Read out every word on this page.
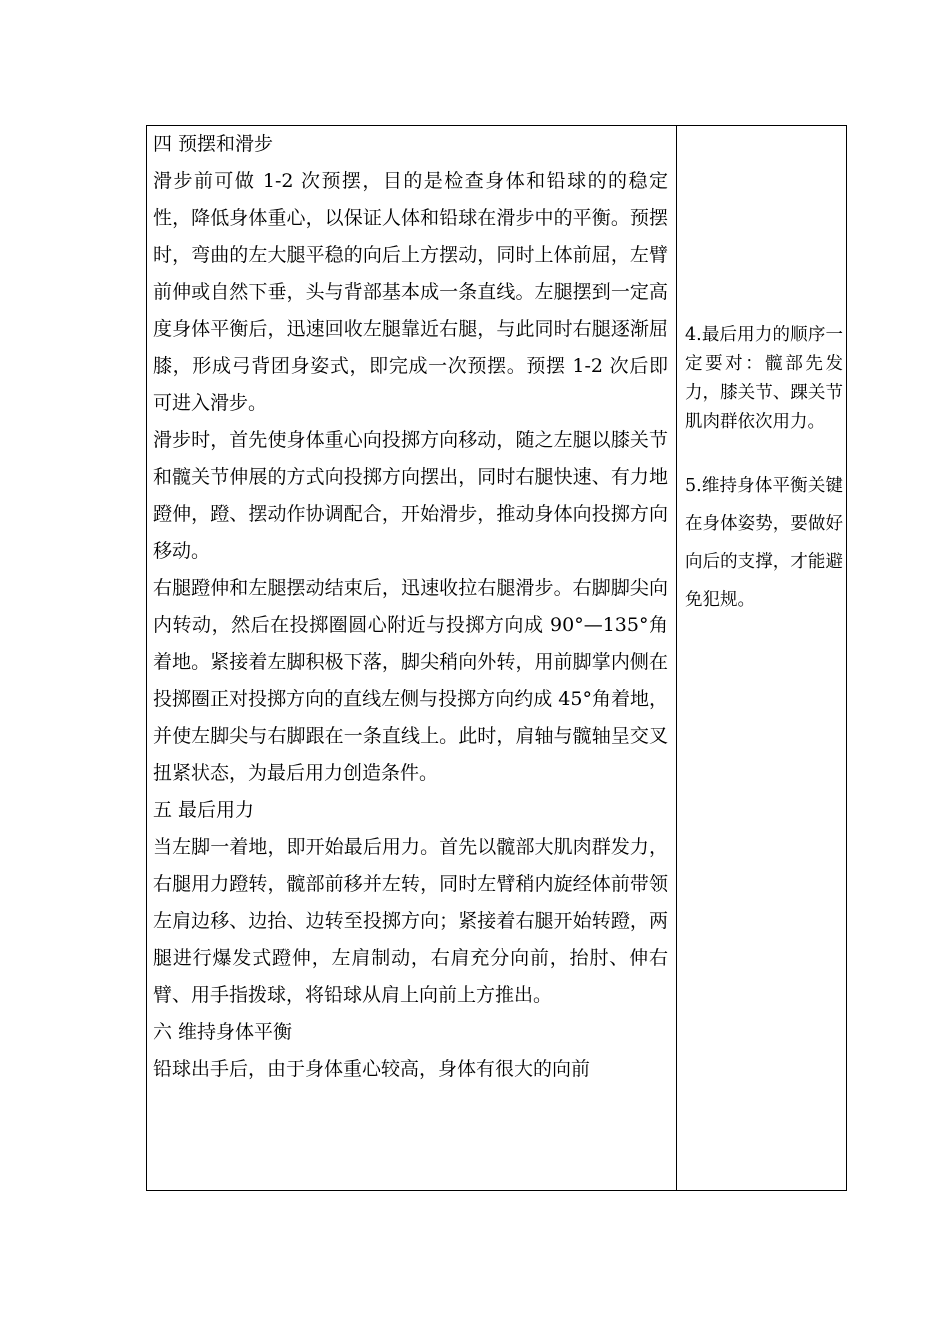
四 预摆和滑步

滑步前可做 1-2 次预摆，目的是检查身体和铅球的的稳定性，降低身体重心，以保证人体和铅球在滑步中的平衡。预摆时，弯曲的左大腿平稳的向后上方摆动，同时上体前屈，左臂前伸或自然下垂，头与背部基本成一条直线。左腿摆到一定高度身体平衡后，迅速回收左腿靠近右腿，与此同时右腿逐渐屈膝，形成弓背团身姿式，即完成一次预摆。预摆 1-2 次后即可进入滑步。

滑步时，首先使身体重心向投掷方向移动，随之左腿以膝关节和髋关节伸展的方式向投掷方向摆出，同时右腿快速、有力地蹬伸，蹬、摆动作协调配合，开始滑步，推动身体向投掷方向移动。

右腿蹬伸和左腿摆动结束后，迅速收拉右腿滑步。右脚脚尖向内转动，然后在投掷圈圆心附近与投掷方向成 90°—135°角着地。紧接着左脚积极下落，脚尖稍向外转，用前脚掌内侧在投掷圈正对投掷方向的直线左侧与投掷方向约成 45°角着地，并使左脚尖与右脚跟在一条直线上。此时，肩轴与髋轴呈交叉扭紧状态，为最后用力创造条件。

五 最后用力

当左脚一着地，即开始最后用力。首先以髋部大肌肉群发力，右腿用力蹬转，髋部前移并左转，同时左臂稍内旋经体前带领左肩边移、边抬、边转至投掷方向；紧接着右腿开始转蹬，两腿进行爆发式蹬伸，左肩制动，右肩充分向前，抬肘、伸右臂、用手指拨球，将铅球从肩上向前上方推出。

六 维持身体平衡

铅球出手后，由于身体重心较高，身体有很大的向前

4.最后用力的顺序一定要对：髋部先发力，膝关节、踝关节肌肉群依次用力。

5.维持身体平衡关键在身体姿势，要做好向后的支撑，才能避免犯规。
